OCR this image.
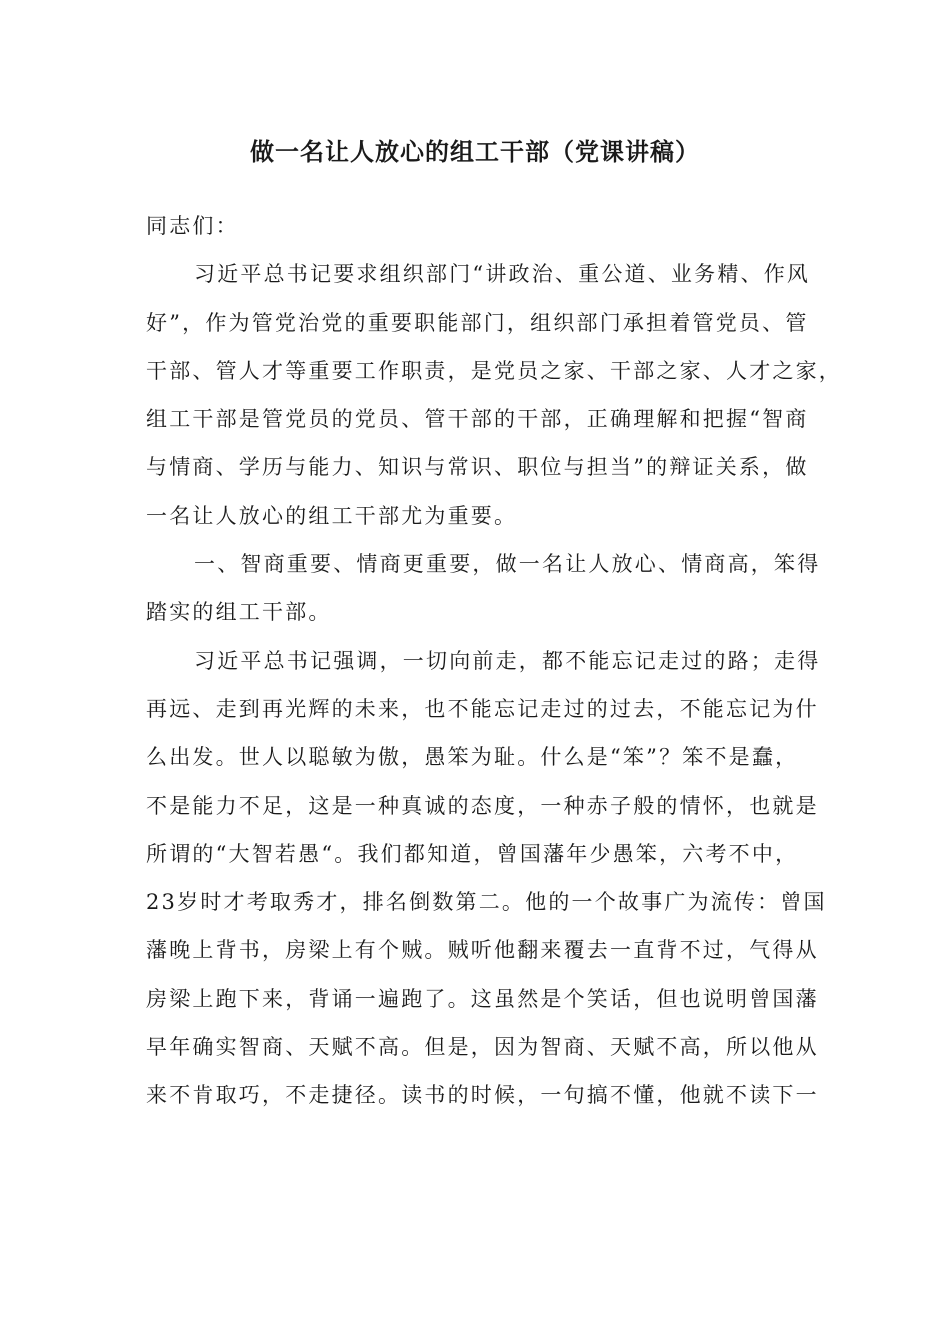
做一名让人放心的组工干部（党课讲稿）
同志们：
习近平总书记要求组织部门“讲政治、重公道、业务精、作风
好”，作为管党治党的重要职能部门，组织部门承担着管党员、管
干部、管人才等重要工作职责，是党员之家、干部之家、人才之家，
组工干部是管党员的党员、管干部的干部，正确理解和把握“智商
与情商、学历与能力、知识与常识、职位与担当”的辩证关系，做
一名让人放心的组工干部尤为重要。
一、智商重要、情商更重要，做一名让人放心、情商高，笨得
踏实的组工干部。
习近平总书记强调，一切向前走，都不能忘记走过的路；走得
再远、走到再光辉的未来，也不能忘记走过的过去，不能忘记为什
么出发。世人以聪敏为傲，愚笨为耻。什么是“笨”？笨不是蠢，
不是能力不足，这是一种真诚的态度，一种赤子般的情怀，也就是
所谓的“大智若愚“。我们都知道，曾国藩年少愚笨，六考不中，
23岁时才考取秀才，排名倒数第二。他的一个故事广为流传：曾国
藩晚上背书，房梁上有个贼。贼听他翻来覆去一直背不过，气得从
房梁上跑下来，背诵一遍跑了。这虽然是个笑话，但也说明曾国藩
早年确实智商、天赋不高。但是，因为智商、天赋不高，所以他从
来不肯取巧，不走捷径。读书的时候，一句搞不懂，他就不读下一
